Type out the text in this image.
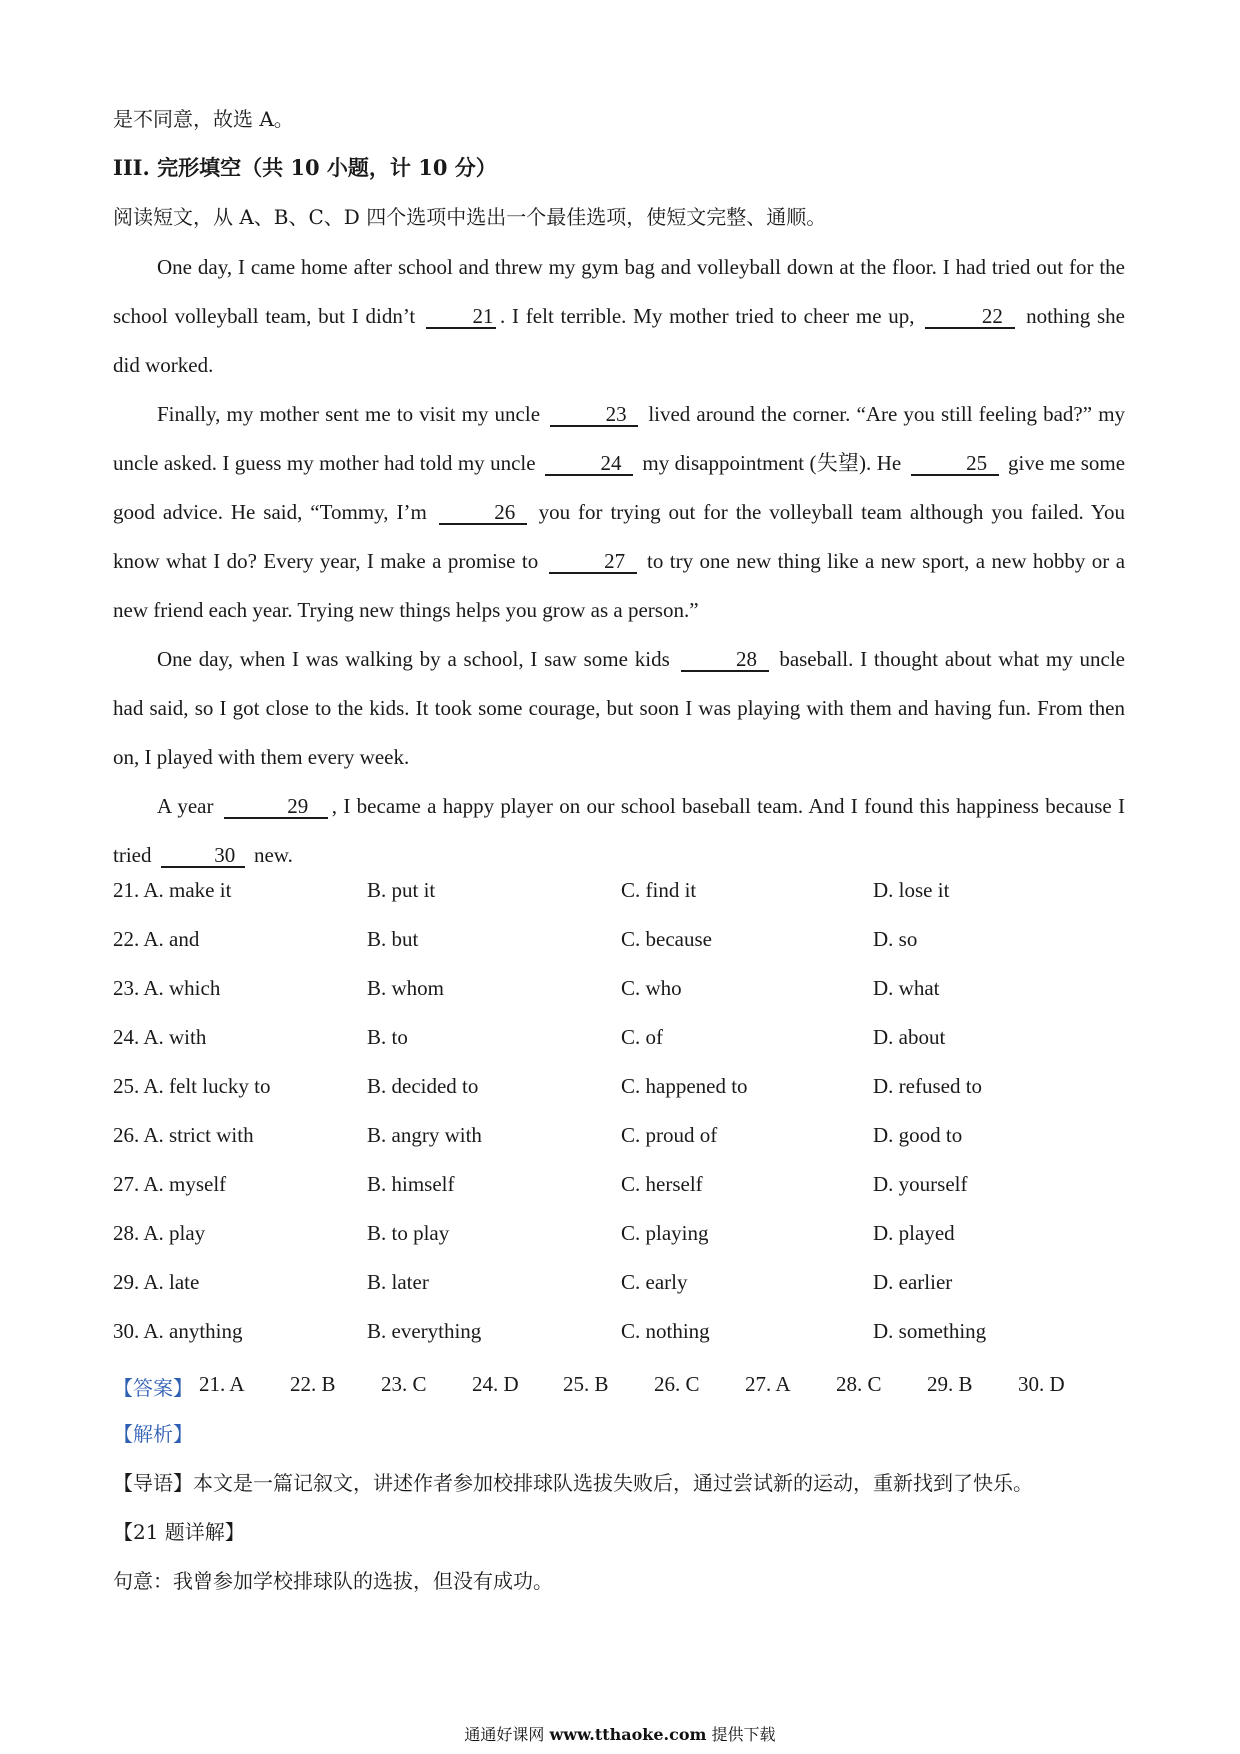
是不同意，故选 A。
III. 完形填空（共 10 小题，计 10 分）
阅读短文，从 A、B、C、D 四个选项中选出一个最佳选项，使短文完整、通顺。
One day, I came home after school and threw my gym bag and volleyball down at the floor. I had tried out for the school volleyball team, but I didn’t	21 . I felt terrible. My mother tried to cheer me up,	22 nothing she did worked.
Finally, my mother sent me to visit my uncle	23 lived around the corner. “Are you still feeling bad?” my uncle asked. I guess my mother had told my uncle	24 my disappointment (失望). He	25 give me some good advice. He said, “Tommy, I’m	26 you for trying out for the volleyball team although you failed. You know what I do? Every year, I make a promise to	27 to try one new thing like a new sport, a new hobby or a new friend each year. Trying new things helps you grow as a person.”
One day, when I was walking by a school, I saw some kids	28 baseball. I thought about what my uncle had said, so I got close to the kids. It took some courage, but soon I was playing with them and having fun. From then on, I played with them every week.
A year	29 , I became a happy player on our school baseball team. And I found this happiness because I tried	30 new.
21. A. make it	B. put it	C. find it	D. lose it
22. A. and	B. but	C. because	D. so
23. A. which	B. whom	C. who	D. what
24. A. with	B. to	C. of	D. about
25. A. felt lucky to	B. decided to	C. happened to	D. refused to
26. A. strict with	B. angry with	C. proud of	D. good to
27. A. myself	B. himself	C. herself	D. yourself
28. A. play	B. to play	C. playing	D. played
29. A. late	B. later	C. early	D. earlier
30. A. anything	B. everything	C. nothing	D. something
【答案】 21. A 22. B 23. C 24. D 25. B 26. C 27. A 28. C 29. B 30. D
【解析】
【导语】本文是一篇记叙文，讲述作者参加校排球队选拔失败后，通过尝试新的运动，重新找到了快乐。
【21 题详解】
句意：我曾参加学校排球队的选拔，但没有成功。
通通好课网 www.tthaoke.com 提供下载
